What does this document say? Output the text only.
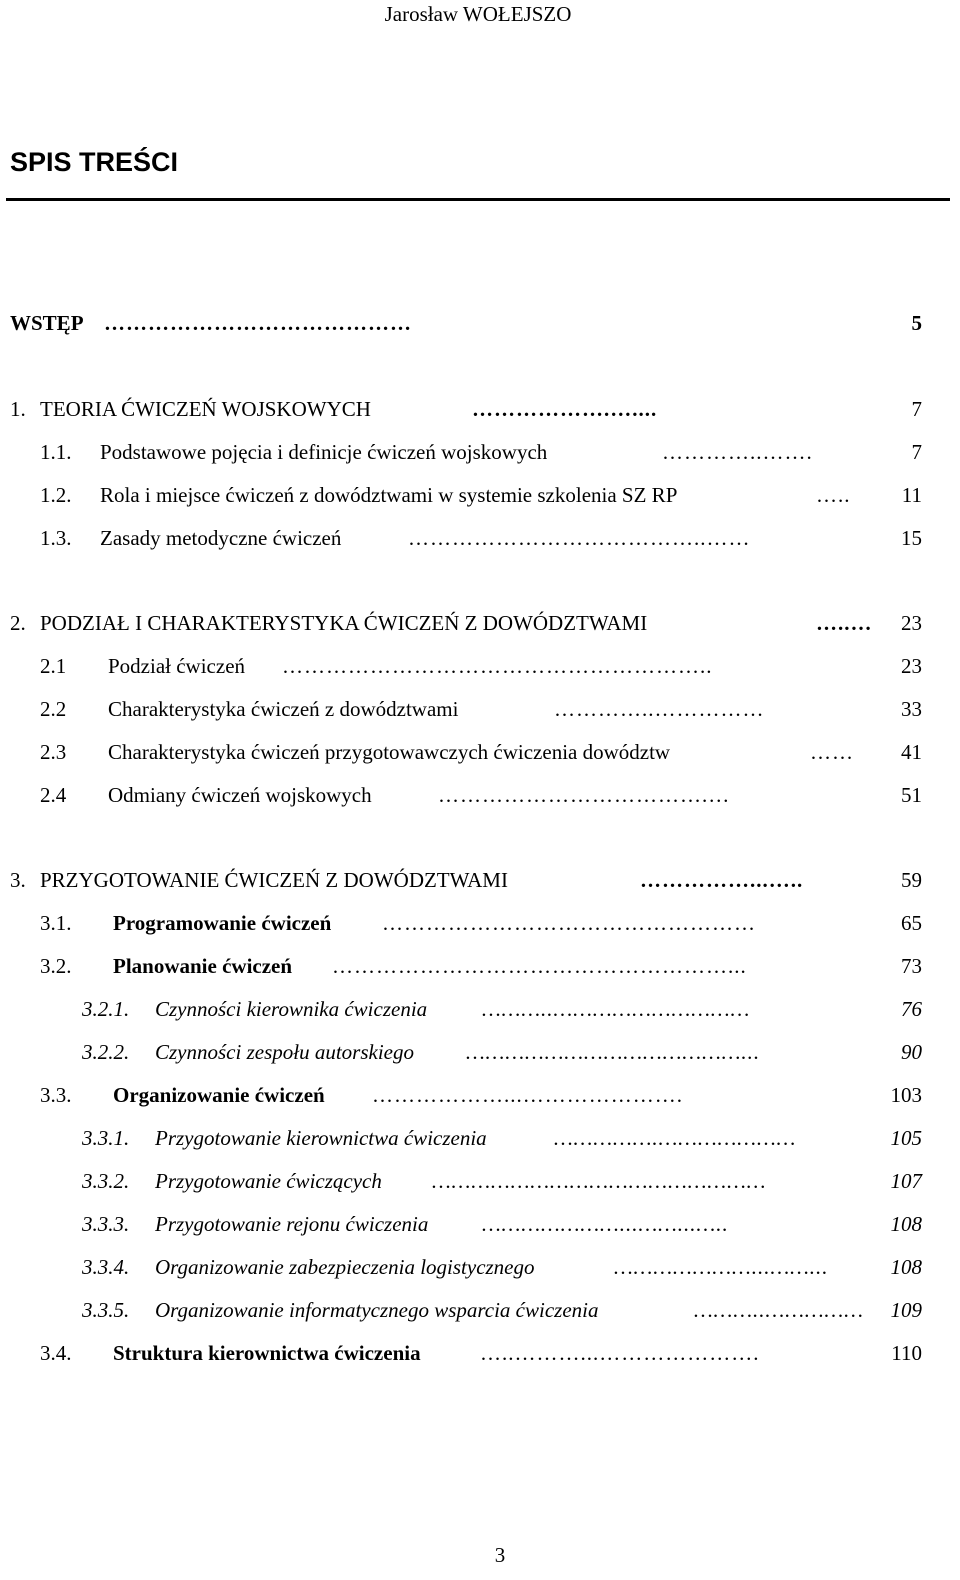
Jarosław WOŁEJSZO
SPIS TREŚCI
WSTĘP ……………………………………	5
1. TEORIA ĆWICZEŃ WOJSKOWYCH	……………….…....	7
1.1. Podstawowe pojęcia i definicje ćwiczeń wojskowych	…………..…….	7
1.2. Rola i miejsce ćwiczeń z dowództwami w systemie szkolenia SZ RP	…..	11
1.3. Zasady metodyczne ćwiczeń	…………………………………..……	15
2. PODZIAŁ I CHARAKTERYSTYKA ĆWICZEŃ Z DOWÓDZTWAMI	…..…	23
2.1 Podział ćwiczeń …………………………………………………..	23
2.2 Charakterystyka ćwiczeń z dowództwami	…………..……………	33
2.3 Charakterystyka ćwiczeń przygotowawczych ćwiczenia dowództw	……	41
2.4 Odmiany ćwiczeń wojskowych	……………………………….…	51
3. PRZYGOTOWANIE ĆWICZEŃ Z DOWÓDZTWAMI	……………...…..	59
3.1. Programowanie ćwiczeń ……………………………………………	65
3.2. Planowanie ćwiczeń ………………………………………………...	73
3.2.1. Czynności kierownika ćwiczenia	………..…………………………	76
3.2.2. Czynności zespołu autorskiego ……………………………………...	90
3.3. Organizowanie ćwiczeń ………………...………………….	103
3.3.1. Przygotowanie kierownictwa ćwiczenia	…………….…………………	105
3.3.2. Przygotowanie ćwiczących ……………………………………………	107
3.3.3. Przygotowanie rejonu ćwiczenia	…………………...……...…..	108
3.3.4. Organizowanie zabezpieczenia logistycznego	…………………...……...	108
3.3.5. Organizowanie informatycznego wsparcia ćwiczenia	………..……………	109
3.4. Struktura kierownictwa ćwiczenia	…..………...………………….	110
3
